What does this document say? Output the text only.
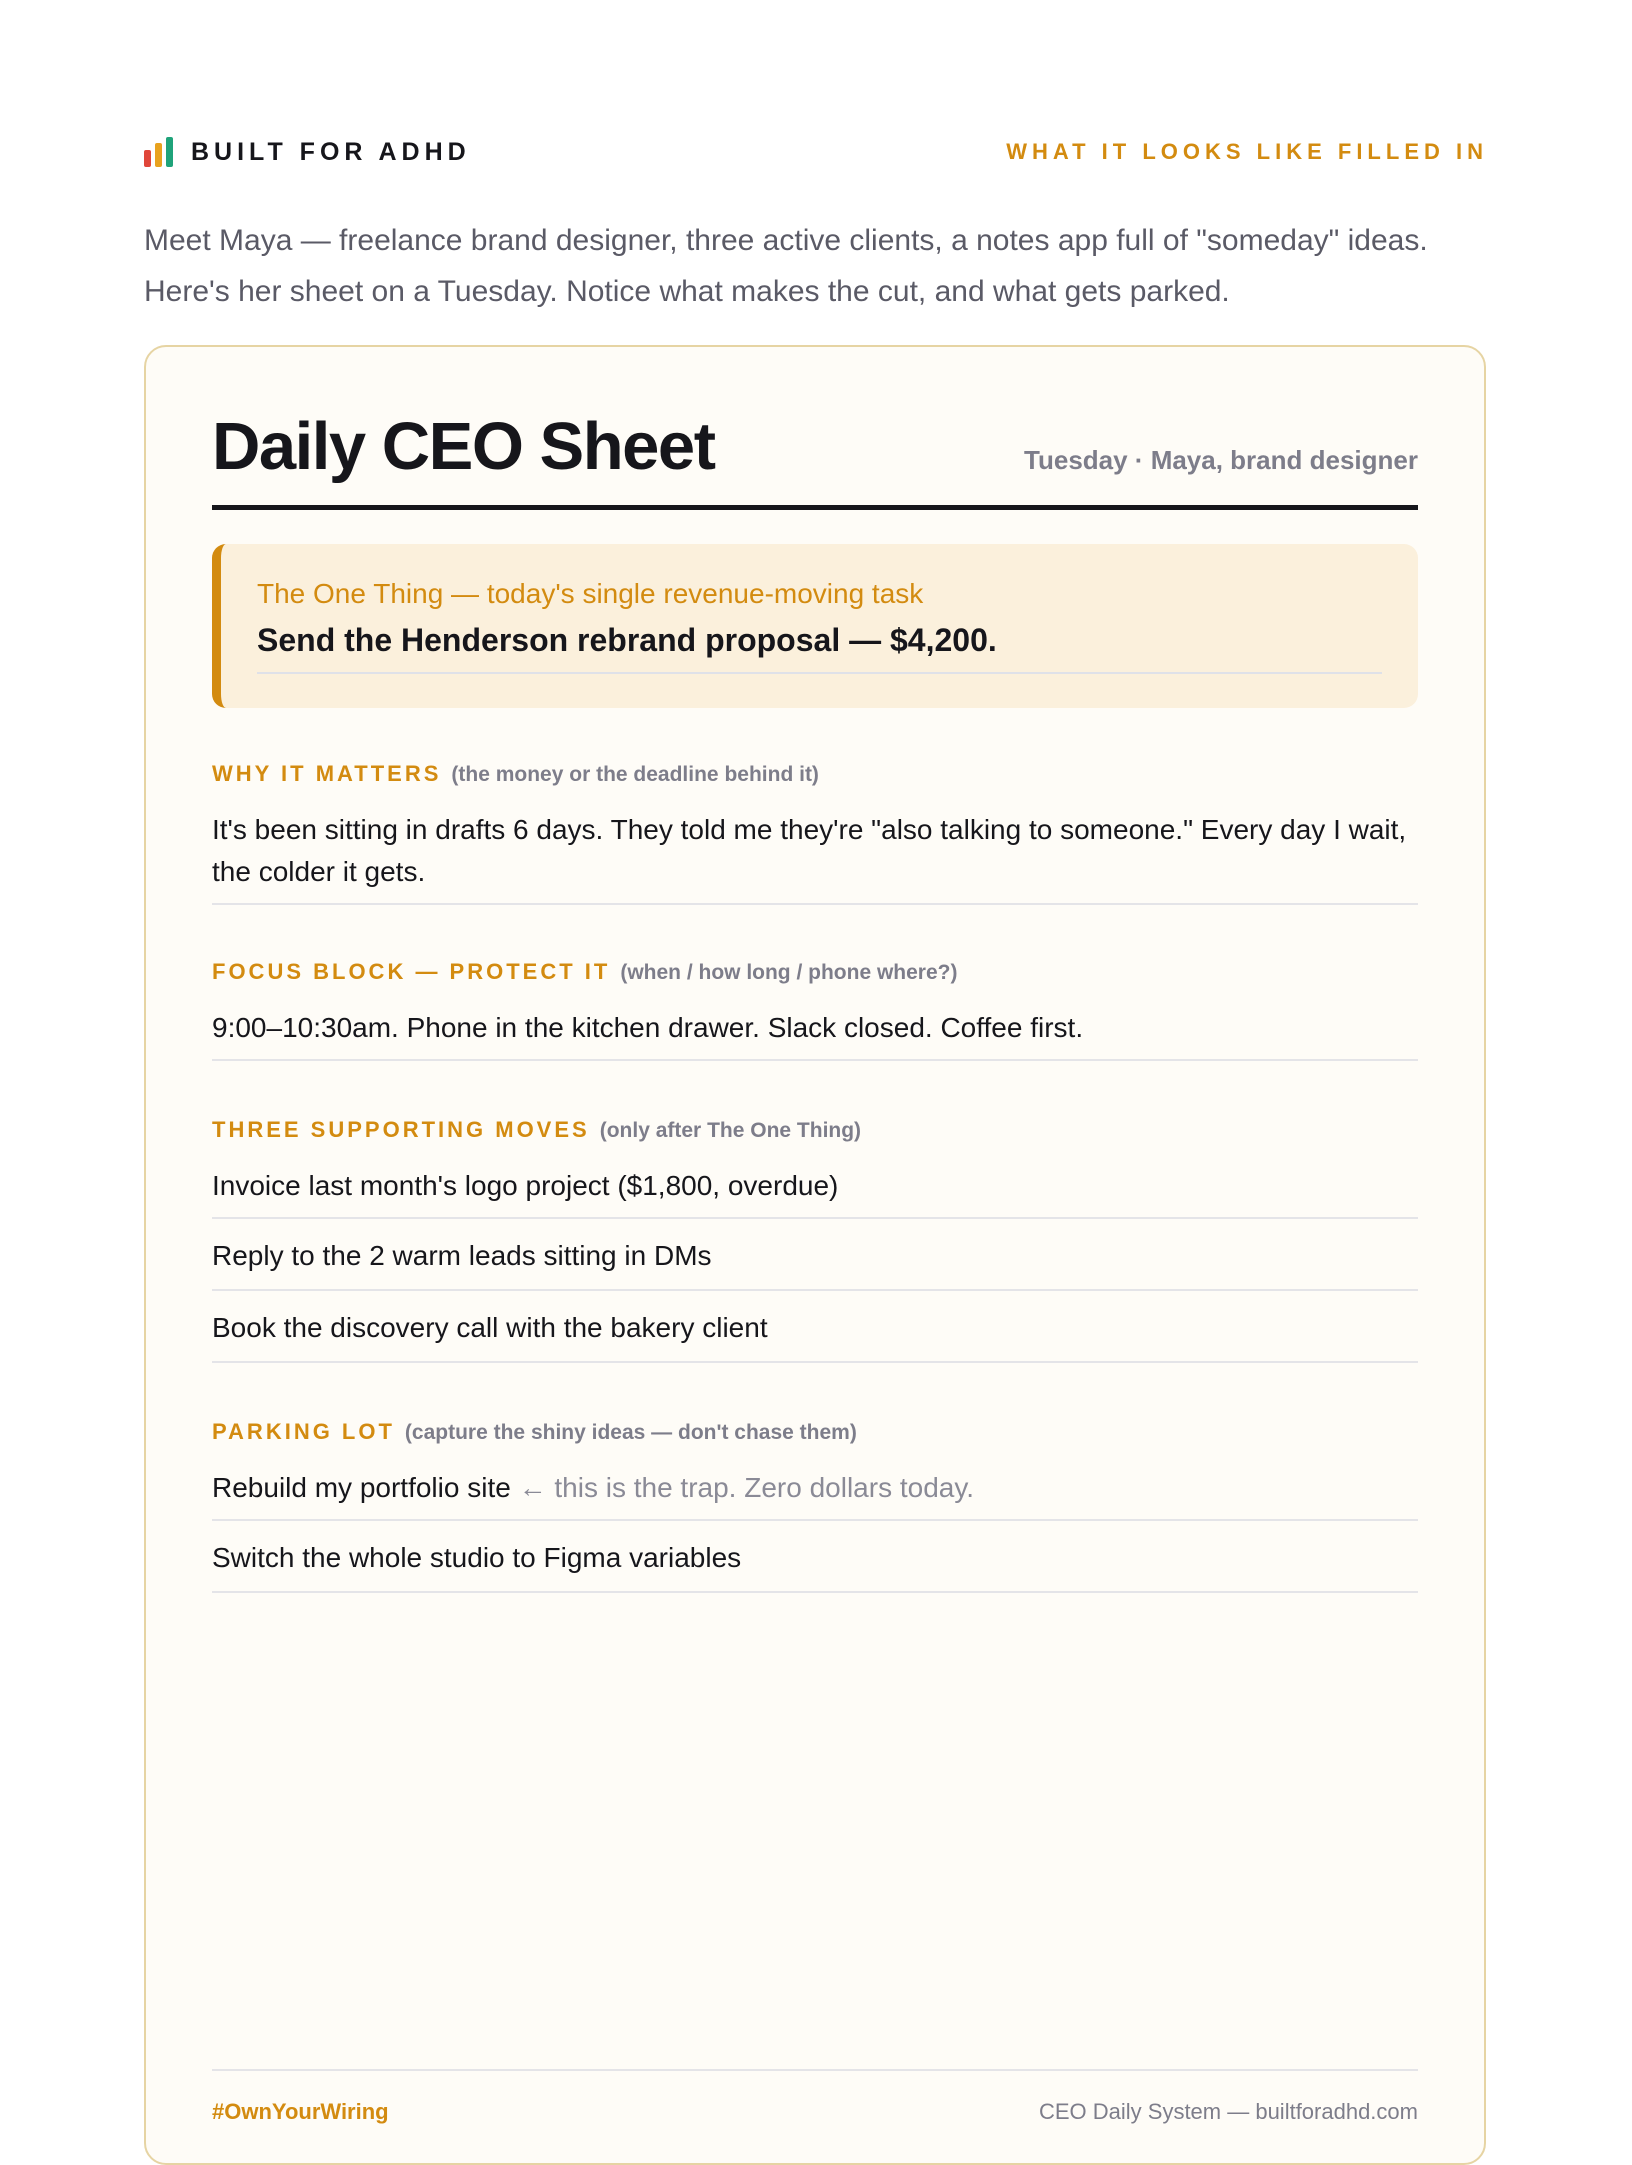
BUILT FOR ADHD	WHAT IT LOOKS LIKE FILLED IN

Meet Maya — freelance brand designer, three active clients, a notes app full of "someday" ideas. Here's her sheet on a Tuesday. Notice what makes the cut, and what gets parked.

Daily CEO Sheet	Tuesday · Maya, brand designer
The One Thing — today's single revenue-moving task
Send the Henderson rebrand proposal — $4,200.
WHY IT MATTERS (the money or the deadline behind it)
It's been sitting in drafts 6 days. They told me they're "also talking to someone." Every day I wait, the colder it gets.
FOCUS BLOCK — PROTECT IT (when / how long / phone where?)
9:00–10:30am. Phone in the kitchen drawer. Slack closed. Coffee first.
THREE SUPPORTING MOVES (only after The One Thing)
Invoice last month's logo project ($1,800, overdue)
Reply to the 2 warm leads sitting in DMs
Book the discovery call with the bakery client
PARKING LOT (capture the shiny ideas — don't chase them)
Rebuild my portfolio site ← this is the trap. Zero dollars today.
Switch the whole studio to Figma variables
#OwnYourWiring	CEO Daily System — builtforadhd.com
